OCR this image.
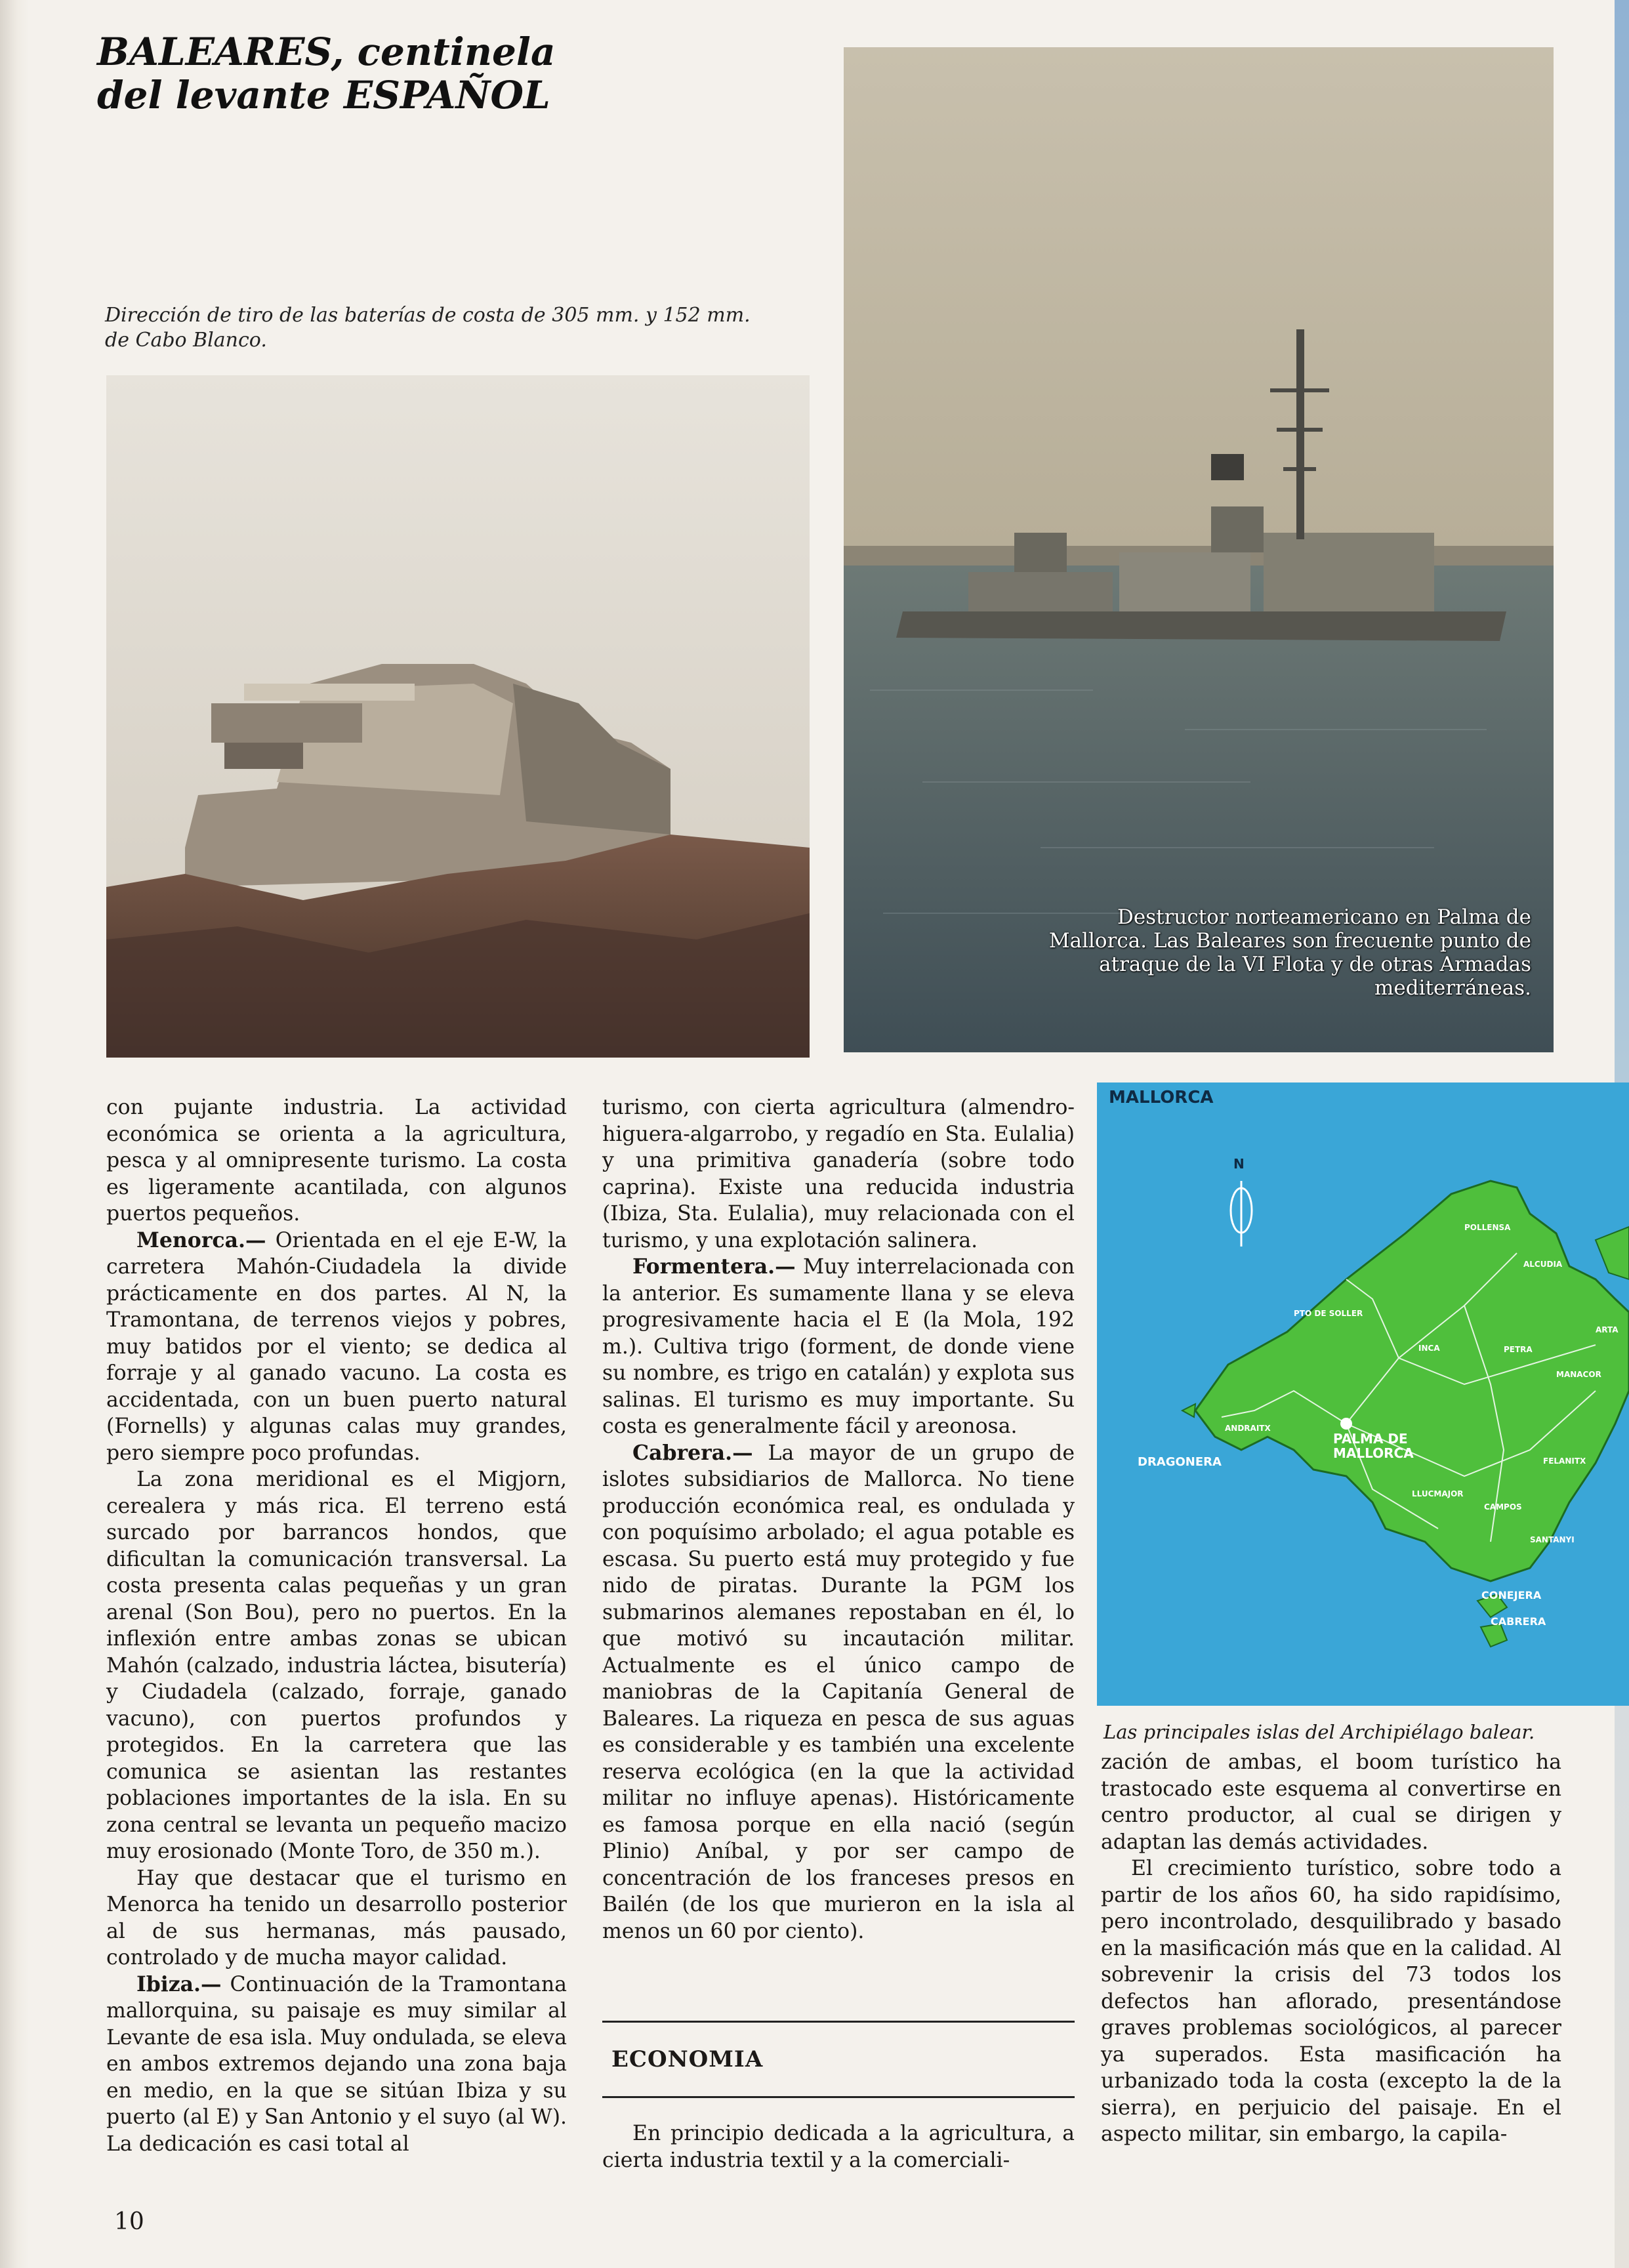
BALEARES, centinela
del levante ESPAÑOL
Dirección de tiro de las baterías de costa de 305 mm. y 152 mm. de Cabo Blanco.
Destructor norteamericano en Palma de Mallorca. Las Baleares son frecuente punto de atraque de la VI Flota y de otras Armadas mediterráneas.

con pujante industria. La actividad económica se orienta a la agricultura, pesca y al omnipresente turismo. La costa es ligeramente acantilada, con algunos puertos pequeños.

Menorca.— Orientada en el eje E-W, la carretera Mahón-Ciudadela la divide prácticamente en dos partes. Al N, la Tramontana, de terrenos viejos y pobres, muy batidos por el viento; se dedica al forraje y al ganado vacuno. La costa es accidentada, con un buen puerto natural (Fornells) y algunas calas muy grandes, pero siempre poco profundas.

La zona meridional es el Migjorn, cerealera y más rica. El terreno está surcado por barrancos hondos, que dificultan la comunicación transversal. La costa presenta calas pequeñas y un gran arenal (Son Bou), pero no puertos. En la inflexión entre ambas zonas se ubican Mahón (calzado, industria láctea, bisutería) y Ciudadela (calzado, forraje, ganado vacuno), con puertos profundos y protegidos. En la carretera que las comunica se asientan las restantes poblaciones importantes de la isla. En su zona central se levanta un pequeño macizo muy erosionado (Monte Toro, de 350 m.).

Hay que destacar que el turismo en Menorca ha tenido un desarrollo posterior al de sus hermanas, más pausado, controlado y de mucha mayor calidad.

Ibiza.— Continuación de la Tramontana mallorquina, su paisaje es muy similar al Levante de esa isla. Muy ondulada, se eleva en ambos extremos dejando una zona baja en medio, en la que se sitúan Ibiza y su puerto (al E) y San Antonio y el suyo (al W). La dedicación es casi total al

turismo, con cierta agricultura (almendro-higuera-algarrobo, y regadío en Sta. Eulalia) y una primitiva ganadería (sobre todo caprina). Existe una reducida industria (Ibiza, Sta. Eulalia), muy relacionada con el turismo, y una explotación salinera.

Formentera.— Muy interrelacionada con la anterior. Es sumamente llana y se eleva progresivamente hacia el E (la Mola, 192 m.). Cultiva trigo (forment, de donde viene su nombre, es trigo en catalán) y explota sus salinas. El turismo es muy importante. Su costa es generalmente fácil y areonosa.

Cabrera.— La mayor de un grupo de islotes subsidiarios de Mallorca. No tiene producción económica real, es ondulada y con poquísimo arbolado; el agua potable es escasa. Su puerto está muy protegido y fue nido de piratas. Durante la PGM los submarinos alemanes repostaban en él, lo que motivó su incautación militar. Actualmente es el único campo de maniobras de la Capitanía General de Baleares. La riqueza en pesca de sus aguas es considerable y es también una excelente reserva ecológica (en la que la actividad militar no influye apenas). Históricamente es famosa porque en ella nació (según Plinio) Aníbal, y por ser campo de concentración de los franceses presos en Bailén (de los que murieron en la isla al menos un 60 por ciento).

ECONOMIA

En principio dedicada a la agricultura, a cierta industria textil y a la comerciali-

MALLORCA
N
PALMA DE MALLORCA
DRAGONERA
CONEJERA
CABRERA
PTO DE SOLLER
POLLENSA
ALCUDIA
INCA
MANACOR
FELANITX
CAMPOS
LLUCMAJOR
ANDRAITX
PETRA
ARTA
SANTANYI
Las principales islas del Archipiélago balear.

zación de ambas, el boom turístico ha trastocado este esquema al convertirse en centro productor, al cual se dirigen y adaptan las demás actividades.

El crecimiento turístico, sobre todo a partir de los años 60, ha sido rapidísimo, pero incontrolado, desquilibrado y basado en la masificación más que en la calidad. Al sobrevenir la crisis del 73 todos los defectos han aflorado, presentándose graves problemas sociológicos, al parecer ya superados. Esta masificación ha urbanizado toda la costa (excepto la de la sierra), en perjuicio del paisaje. En el aspecto militar, sin embargo, la capila-

10
